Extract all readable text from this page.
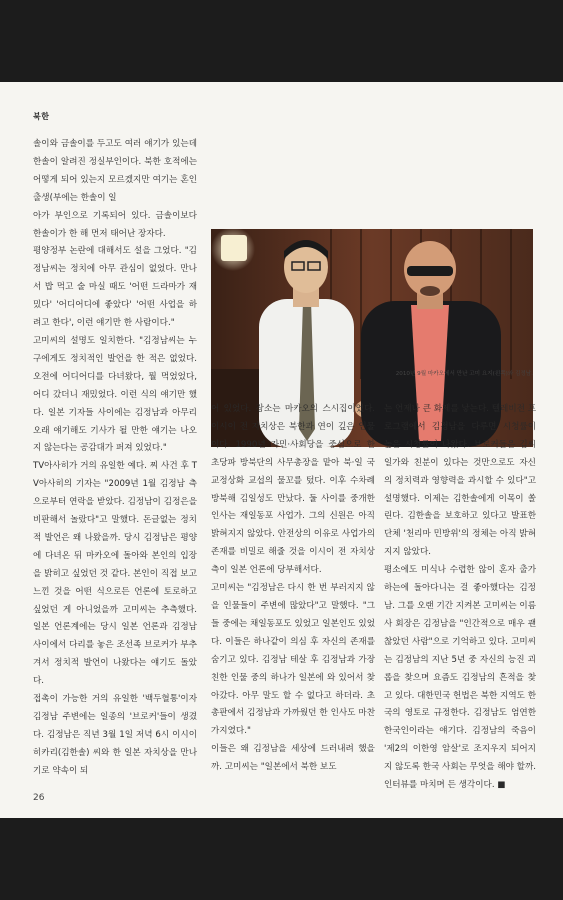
북한

솔이와 금솔이를 두고도 여러 얘기가 있는데 한솔이 알려진 정실부인이다. 북한 호적에는 어떻게 되어 있는지 모르겠지만 여기는 혼인출생(부에는 한솔이 일

아가 부인으로 기록되어 있다. 금솔이보다 한솔이가 한 해 먼저 태어난 장자다.

평양정부 논란에 대해서도 설을 그었다. "김정남씨는 정치에 아무 관심이 없었다. 만나서 밥 먹고 술 마실 때도 '어떤 드라마가 재밌다' '어디어디에 좋았다' '어떤 사업을 하려고 한다', 이런 얘기만 한 사람이다."

고미씨의 설명도 일치한다. "김정남씨는 누구에게도 정치적인 발언을 한 적은 없었다. 오전에 어디어디를 다녀왔다, 뭘 먹었었다, 어디 갔더니 재밌었다. 이런 식의 얘기만 했다. 일본 기자들 사이에는 김정남과 아무리 오래 얘기해도 기사가 될 만한 얘기는 나오지 않는다는 공감대가 퍼져 있었다."

TV아사히가 거의 유일한 예다. 찌 사건 후 TV아사히의 기자는 "2009년 1월 김정남 측으로부터 연락을 받았다. 김정남이 김정은을 비판해서 놀랐다"고 말했다. 돈글없는 정치적 발언은 왜 나왔을까. 당시 김정남은 평양에 다녀온 뒤 마카오에 돌아와 본인의 입장을 밝히고 싶었던 것 같다. 본인이 직접 보고 느낀 것을 어떤 식으로든 언론에 토로하고 싶었던 게 아니었을까 고미씨는 추측했다. 일본 언론계에는 당시 일본 언론과 김정남 사이에서 다리를 놓은 조선족 브로커가 부추겨서 정치적 발언이 나왔다는 얘기도 돌았다.

접촉이 가능한 거의 유일한 '백두혈통'이자 김정남 주변에는 일종의 '브로커'들이 생겼다. 김정남은 직년 3월 1일 저녁 6시 이시이 히카리(김한솔) 씨와 한 일본 자치상을 만나기로 약속이 되

2010년 9월 마카오에서 만난 고미 요지(왼쪽)와 김정남.

어 있었다. 장소는 마카오의 스시집이었다. 이시이 전 자치상은 북한과 연이 깊은 인물이다. 1990년 자민·사회당을 중심으로 한 초당파 방북단의 사무총장을 맡아 북·일 국교정상화 교섭의 물꼬를 텄다. 이후 수차례 방북해 김일성도 만났다. 둘 사이를 중개한 인사는 재일동포 사업가. 그의 신원은 아직 밝혀지지 않았다. 안전상의 이유로 사업가의 존재를 비밀로 해줄 것을 이시이 전 자치상 측이 일본 언론에 당부해서다.

고미씨는 "김정남은 다시 한 번 부러지지 않을 인물들이 주변에 많았다"고 말했다. "그들 중에는 채일동포도 있었고 일본인도 있었다. 이들은 하나같이 의심 후 자신의 존재를 숨기고 있다. 김정남 테살 후 김정남과 가장 친한 인물 중의 하나가 일본에 와 있어서 찾아갔다. 아무 말도 할 수 없다고 하더라. 초 총판에서 김정남과 가까웠던 한 인사도 마찬가지였다."

이들은 왜 김정남을 세상에 드러내려 했을까. 고미씨는 "일본에서 북한 보도

는 언제나 큰 화제를 낳는다. 텔레비전 프로그램에서 김정남을 다루면 시청률이 높은 시청률이 나왔다. 브로커들은 김씨 일가와 친분이 있다는 것만으로도 자신의 정치력과 영향력을 과시할 수 있다"고 설명했다. 이제는 김한솔에게 이목이 쏠린다. 김한솔을 보호하고 있다고 발표한 단체 '천리마 민방위'의 정체는 아직 밝혀지지 않았다.

평소에도 미식나 수렵한 않이 혼자 출가하는에 돌아다니는 걸 좋아했다는 김정남. 그를 오랜 기간 지켜본 고미씨는 이름 사 회장은 김정남을 "인간적으로 매우 괜찮았던 사람"으로 기억하고 있다. 고미씨는 김정남의 지난 5년 중 자신의 능진 괴롭을 찾으며 요즘도 김정남의 흔적을 찾고 있다. 대한민국 헌법은 북한 지역도 한국의 영토로 규정한다. 김정남도 엄연한 한국인이라는 얘기다. 김정남의 죽음이 '제2의 이한영 암살'로 조지우지 되어지지 않도록 한국 사회는 무엇을 해야 할까. 인터뷰를 마치며 든 생각이다. ■

26
